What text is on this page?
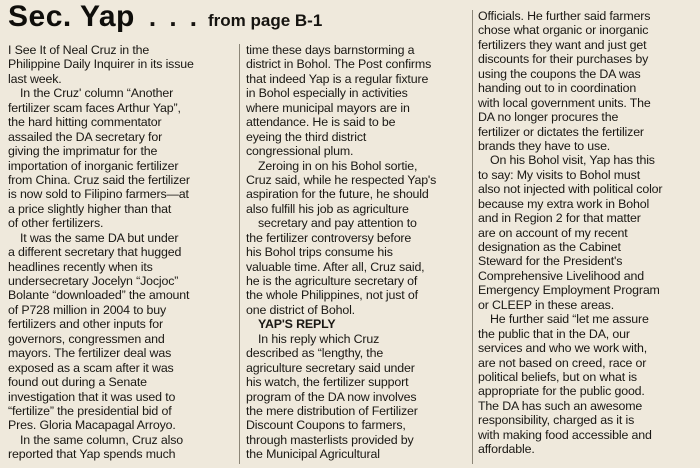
Sec. Yap . . . from page B-1
I See It of Neal Cruz in the
Philippine Daily Inquirer in its issue
last week.
In the Cruz' column “Another
fertilizer scam faces Arthur Yap”,
the hard hitting commentator
assailed the DA secretary for
giving the imprimatur for the
importation of inorganic fertilizer
from China. Cruz said the fertilizer
is now sold to Filipino farmers—at
a price slightly higher than that
of other fertilizers.
It was the same DA but under
a different secretary that hugged
headlines recently when its
undersecretary Jocelyn “Jocjoc”
Bolante “downloaded” the amount
of P728 million in 2004 to buy
fertilizers and other inputs for
governors, congressmen and
mayors. The fertilizer deal was
exposed as a scam after it was
found out during a Senate
investigation that it was used to
“fertilize” the presidential bid of
Pres. Gloria Macapagal Arroyo.
In the same column, Cruz also
reported that Yap spends much
time these days barnstorming a
district in Bohol. The Post confirms
that indeed Yap is a regular fixture
in Bohol especially in activities
where municipal mayors are in
attendance. He is said to be
eyeing the third district
congressional plum.
Zeroing in on his Bohol sortie,
Cruz said, while he respected Yap's
aspiration for the future, he should
also fulfill his job as agriculture
secretary and pay attention to
the fertilizer controversy before
his Bohol trips consume his
valuable time. After all, Cruz said,
he is the agriculture secretary of
the whole Philippines, not just of
one district of Bohol.
YAP'S REPLY
In his reply which Cruz
described as “lengthy, the
agriculture secretary said under
his watch, the fertilizer support
program of the DA now involves
the mere distribution of Fertilizer
Discount Coupons to farmers,
through masterlists provided by
the Municipal Agricultural
Officials. He further said farmers
chose what organic or inorganic
fertilizers they want and just get
discounts for their purchases by
using the coupons the DA was
handing out to in coordination
with local government units. The
DA no longer procures the
fertilizer or dictates the fertilizer
brands they have to use.
On his Bohol visit, Yap has this
to say: My visits to Bohol must
also not injected with political color
because my extra work in Bohol
and in Region 2 for that matter
are on account of my recent
designation as the Cabinet
Steward for the President's
Comprehensive Livelihood and
Emergency Employment Program
or CLEEP in these areas.
He further said “let me assure
the public that in the DA, our
services and who we work with,
are not based on creed, race or
political beliefs, but on what is
appropriate for the public good.
The DA has such an awesome
responsibility, charged as it is
with making food accessible and
affordable.
